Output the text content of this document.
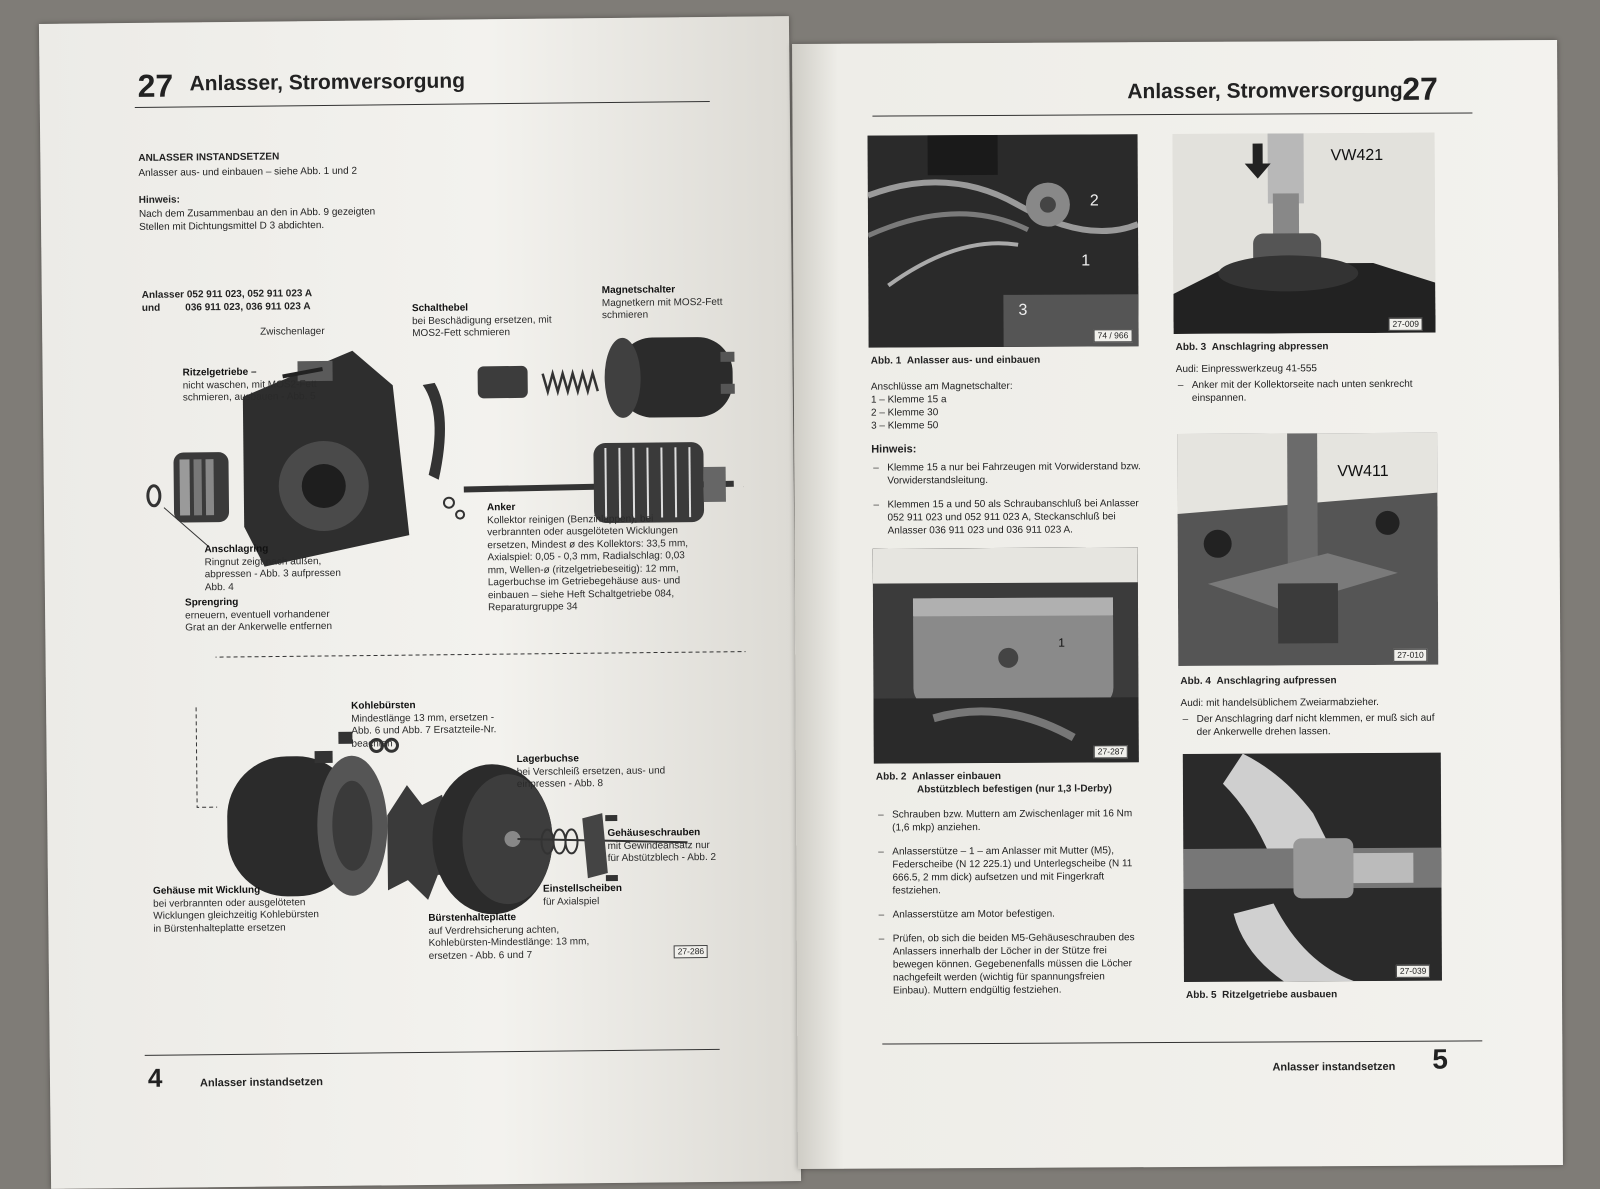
27 Anlasser, Stromversorgung
ANLASSER INSTANDSETZEN
Anlasser aus- und einbauen – siehe Abb. 1 und 2
Hinweis:
Nach dem Zusammenbau an den in Abb. 9 gezeigten Stellen mit Dichtungsmittel D 3 abdichten.
Anlasser 052 911 023, 052 911 023 A
und         036 911 023, 036 911 023 A
Zwischenlager
Schalthebel
bei Beschädigung ersetzen, mit MOS2-Fett schmieren
Magnetschalter
Magnetkern mit MOS2-Fett schmieren
Ritzelgetriebe –
nicht waschen, mit MOS2-Fett schmieren, ausbauen - Abb. 5
Anschlagring
Ringnut zeigt nach außen, abpressen - Abb. 3 aufpressen Abb. 4
Sprengring
erneuern, eventuell vorhandener Grat an der Ankerwelle entfernen
Anker
Kollektor reinigen (Benzinlappen), bei verbrannten oder ausgelöteten Wicklungen ersetzen, Mindest ø des Kollektors: 33,5 mm, Axialspiel: 0,05 - 0,3 mm, Radialschlag: 0,03 mm, Wellen-ø (ritzelgetriebeseitig): 12 mm, Lagerbuchse im Getriebegehäuse aus- und einbauen – siehe Heft Schaltgetriebe 084, Reparaturgruppe 34
Kohlebürsten
Mindestlänge 13 mm, ersetzen - Abb. 6 und Abb. 7 Ersatzteile-Nr. beachten
Lagerbuchse
bei Verschleiß ersetzen, aus- und einpressen - Abb. 8
Gehäuseschrauben
mit Gewindeansatz nur für Abstützblech - Abb. 2
Einstellscheiben
für Axialspiel
Gehäuse mit Wicklung
bei verbrannten oder ausgelöteten Wicklungen gleichzeitig Kohlebürsten in Bürstenhalteplatte ersetzen
Bürstenhalteplatte
auf Verdrehsicherung achten, Kohlebürsten-Mindestlänge: 13 mm, ersetzen - Abb. 6 und 7	27-286
4	Anlasser instandsetzen
Anlasser, Stromversorgung 27
2
1
3
74 / 966
Abb. 1 Anlasser aus- und einbauen
Anschlüsse am Magnetschalter:
1 – Klemme 15 a
2 – Klemme 30
3 – Klemme 50
Hinweis:
– Klemme 15 a nur bei Fahrzeugen mit Vorwiderstand bzw. Vorwiderstandsleitung.
– Klemmen 15 a und 50 als Schraubanschluß bei Anlasser 052 911 023 und 052 911 023 A, Steckanschluß bei Anlasser 036 911 023 und 036 911 023 A.
1
27-287
Abb. 2 Anlasser einbauen
Abstützblech befestigen (nur 1,3 l-Derby)
– Schrauben bzw. Muttern am Zwischenlager mit 16 Nm (1,6 mkp) anziehen.
– Anlasserstütze – 1 – am Anlasser mit Mutter (M5), Federscheibe (N 12 225.1) und Unterlegscheibe (N 11 666.5, 2 mm dick) aufsetzen und mit Fingerkraft festziehen.
– Anlasserstütze am Motor befestigen.
– Prüfen, ob sich die beiden M5-Gehäuseschrauben des Anlassers innerhalb der Löcher in der Stütze frei bewegen können. Gegebenenfalls müssen die Löcher nachgefeilt werden (wichtig für spannungsfreien Einbau). Muttern endgültig festziehen.
VW421
27-009
Abb. 3 Anschlagring abpressen
Audi: Einpresswerkzeug 41-555
– Anker mit der Kollektorseite nach unten senkrecht einspannen.
VW411
27-010
Abb. 4 Anschlagring aufpressen
Audi: mit handelsüblichem Zweiarmabzieher.
– Der Anschlagring darf nicht klemmen, er muß sich auf der Ankerwelle drehen lassen.
27-039
Abb. 5 Ritzelgetriebe ausbauen
Anlasser instandsetzen 5
